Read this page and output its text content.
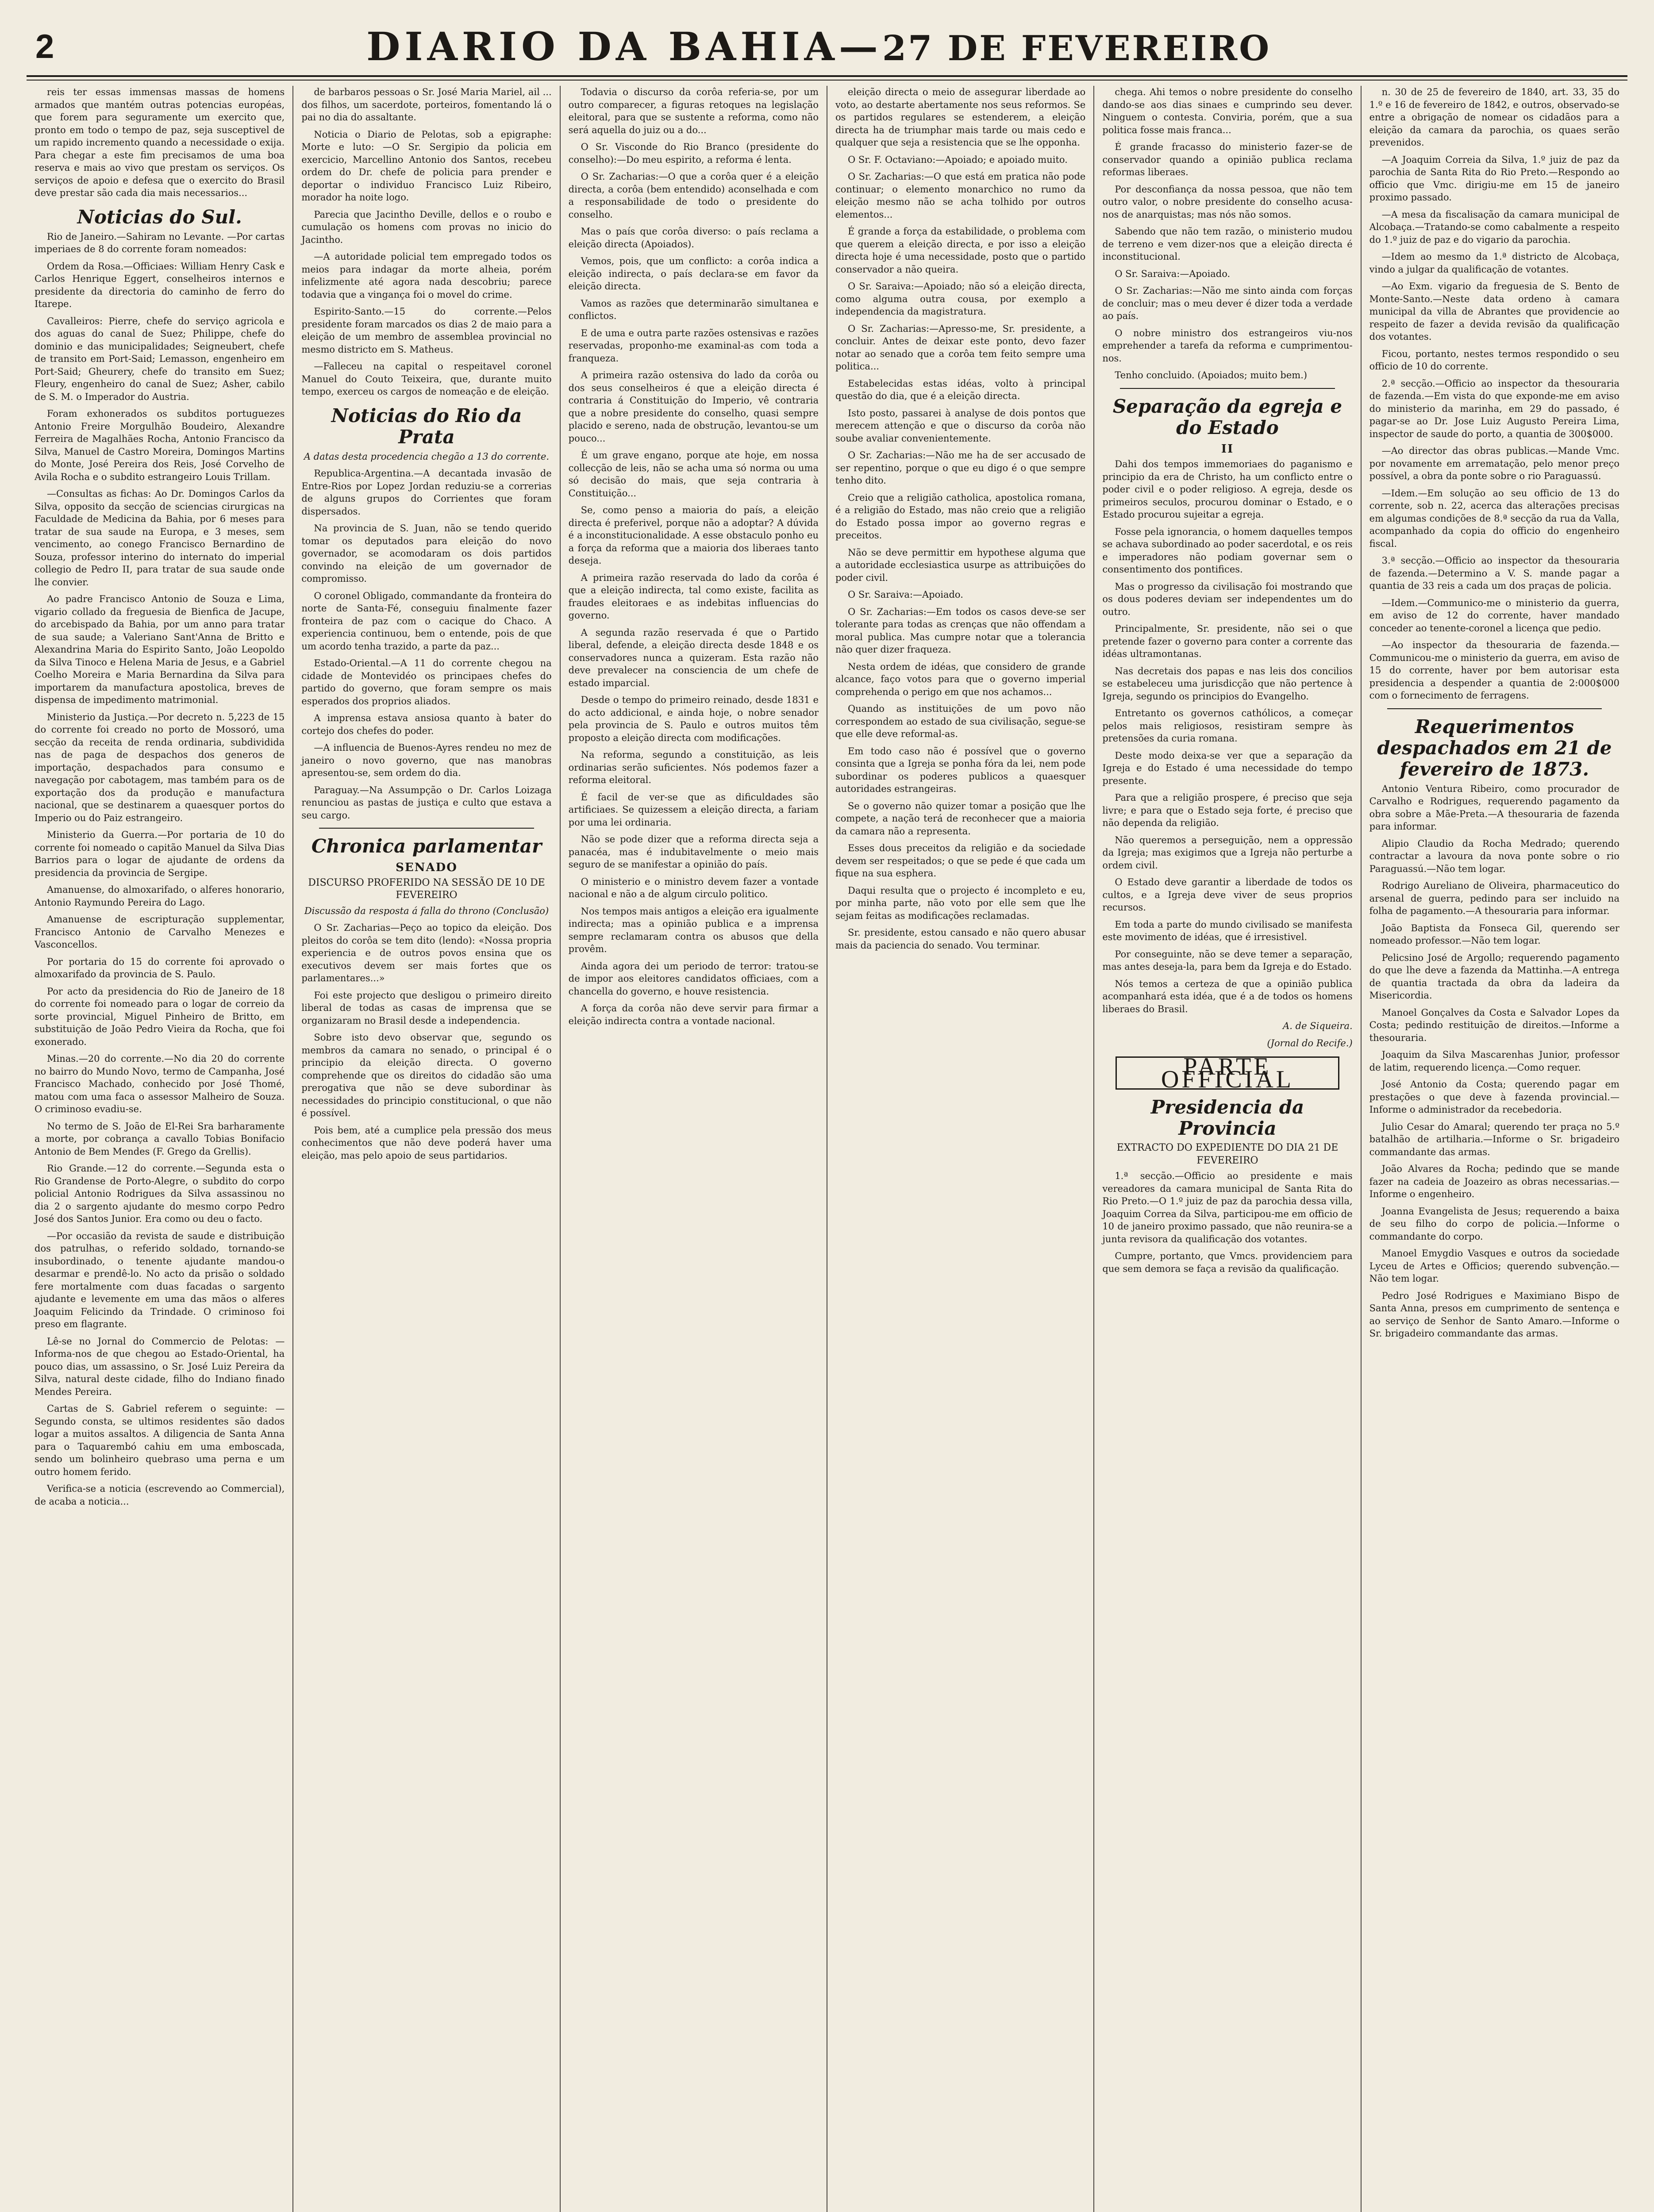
2	DIARIO DA BAHIA—27 DE FEVEREIRO

reis ter essas immensas massas de homens armados que mantém outras potencias européas, que forem para seguramente um exercito que, pronto em todo o tempo de paz, seja susceptivel de um rapido incremento quando a necessidade o exija. Para chegar a este fim precisamos de uma boa reserva e mais ao vivo que prestam os serviços. Os serviços de apoio e defesa que o exercito do Brasil deve prestar são cada dia mais necessarios...

Noticias do Sul.

Rio de Janeiro.—Sahiram no Levante. —Por cartas imperiaes de 8 do corrente foram nomeados:

Ordem da Rosa.—Officiaes: William Henry Cask e Carlos Henrique Eggert, conselheiros internos e presidente da directoria do caminho de ferro do Itarepe.

Cavalleiros: Pierre, chefe do serviço agricola e dos aguas do canal de Suez; Philippe, chefe do dominio e das municipalidades; Seigneubert, chefe de transito em Port-Said; Lemasson, engenheiro em Port-Said; Gheurery, chefe do transito em Suez; Fleury, engenheiro do canal de Suez; Asher, cabilo de S. M. o Imperador do Austria.

Foram exhonerados os subditos portuguezes Antonio Freire Morgulhão Boudeiro, Alexandre Ferreira de Magalhães Rocha, Antonio Francisco da Silva, Manuel de Castro Moreira, Domingos Martins do Monte, José Pereira dos Reis, José Corvelho de Avila Rocha e o subdito estrangeiro Louis Trillam.

—Consultas as fichas: Ao Dr. Domingos Carlos da Silva, opposito da secção de sciencias cirurgicas na Faculdade de Medicina da Bahia, por 6 meses para tratar de sua saude na Europa, e 3 meses, sem vencimento, ao conego Francisco Bernardino de Souza, professor interino do internato do imperial collegio de Pedro II, para tratar de sua saude onde lhe convier.

Ao padre Francisco Antonio de Souza e Lima, vigario collado da freguesia de Bienfica de Jacupe, do arcebispado da Bahia, por um anno para tratar de sua saude; a Valeriano Sant'Anna de Britto e Alexandrina Maria do Espirito Santo, João Leopoldo da Silva Tinoco e Helena Maria de Jesus, e a Gabriel Coelho Moreira e Maria Bernardina da Silva para importarem da manufactura apostolica, breves de dispensa de impedimento matrimonial.

Ministerio da Justiça.—Por decreto n. 5,223 de 15 do corrente foi creado no porto de Mossoró, uma secção da receita de renda ordinaria, subdividida nas de paga de despachos dos generos de importação, despachados para consumo e navegação por cabotagem, mas também para os de exportação dos da produção e manufactura nacional, que se destinarem a quaesquer portos do Imperio ou do Paiz estrangeiro.

Ministerio da Guerra.—Por portaria de 10 do corrente foi nomeado o capitão Manuel da Silva Dias Barrios para o logar de ajudante de ordens da presidencia da provincia de Sergipe.

Amanuense, do almoxarifado, o alferes honorario, Antonio Raymundo Pereira do Lago.

Amanuense de escripturação supplementar, Francisco Antonio de Carvalho Menezes e Vasconcellos.

Por portaria do 15 do corrente foi aprovado o almoxarifado da provincia de S. Paulo.

Por acto da presidencia do Rio de Janeiro de 18 do corrente foi nomeado para o logar de correio da sorte provincial, Miguel Pinheiro de Britto, em substituição de João Pedro Vieira da Rocha, que foi exonerado.

Minas.—20 do corrente.—No dia 20 do corrente no bairro do Mundo Novo, termo de Campanha, José Francisco Machado, conhecido por José Thomé, matou com uma faca o assessor Malheiro de Souza. O criminoso evadiu-se.

No termo de S. João de El-Rei Sra barharamente a morte, por cobrança a cavallo Tobias Bonifacio Antonio de Bem Mendes (F. Grego da Grellis).

Rio Grande.—12 do corrente.—Segunda esta o Rio Grandense de Porto-Alegre, o subdito do corpo policial Antonio Rodrigues da Silva assassinou no dia 2 o sargento ajudante do mesmo corpo Pedro José dos Santos Junior. Era como ou deu o facto.

—Por occasião da revista de saude e distribuição dos patrulhas, o referido soldado, tornando-se insubordinado, o tenente ajudante mandou-o desarmar e prendê-lo. No acto da prisão o soldado fere mortalmente com duas facadas o sargento ajudante e levemente em uma das mãos o alferes Joaquim Felicindo da Trindade. O criminoso foi preso em flagrante.

Lê-se no Jornal do Commercio de Pelotas: —Informa-nos de que chegou ao Estado-Oriental, ha pouco dias, um assassino, o Sr. José Luiz Pereira da Silva, natural deste cidade, filho do Indiano finado Mendes Pereira.

Cartas de S. Gabriel referem o seguinte: —Segundo consta, se ultimos residentes são dados logar a muitos assaltos. A diligencia de Santa Anna para o Taquarembó cahiu em uma emboscada, sendo um bolinheiro quebraso uma perna e um outro homem ferido.

Verifica-se a noticia (escrevendo ao Commercial), de acaba a noticia...

de barbaros pessoas o Sr. José Maria Mariel, ail ... dos filhos, um sacerdote, porteiros, fomentando lá o pai no dia do assaltante.

Noticia o Diario de Pelotas, sob a epigraphe: Morte e luto: —O Sr. Sergipio da policia em exercicio, Marcellino Antonio dos Santos, recebeu ordem do Dr. chefe de policia para prender e deportar o individuo Francisco Luiz Ribeiro, morador ha noite logo.

Parecia que Jacintho Deville, dellos e o roubo e cumulação os homens com provas no inicio do Jacintho.

—A autoridade policial tem empregado todos os meios para indagar da morte alheia, porém infelizmente até agora nada descobriu; parece todavia que a vingança foi o movel do crime.

Espirito-Santo.—15 do corrente.—Pelos presidente foram marcados os dias 2 de maio para a eleição de um membro de assemblea provincial no mesmo districto em S. Matheus.

—Falleceu na capital o respeitavel coronel Manuel do Couto Teixeira, que, durante muito tempo, exerceu os cargos de nomeação e de eleição.

Noticias do Rio da Prata

A datas desta procedencia chegão a 13 do corrente.

Republica-Argentina.—A decantada invasão de Entre-Rios por Lopez Jordan reduziu-se a correrias de alguns grupos do Corrientes que foram dispersados.

Na provincia de S. Juan, não se tendo querido tomar os deputados para eleição do novo governador, se acomodaram os dois partidos convindo na eleição de um governador de compromisso.

O coronel Obligado, commandante da fronteira do norte de Santa-Fé, conseguiu finalmente fazer fronteira de paz com o cacique do Chaco. A experiencia continuou, bem o entende, pois de que um acordo tenha trazido, a parte da paz...

Estado-Oriental.—A 11 do corrente chegou na cidade de Montevidéo os principaes chefes do partido do governo, que foram sempre os mais esperados dos proprios aliados.

A imprensa estava ansiosa quanto à bater do cortejo dos chefes do poder.

—A influencia de Buenos-Ayres rendeu no mez de janeiro o novo governo, que nas manobras apresentou-se, sem ordem do dia.

Paraguay.—Na Assumpção o Dr. Carlos Loizaga renunciou as pastas de justiça e culto que estava a seu cargo.

Chronica parlamentar
SENADO

DISCURSO PROFERIDO NA SESSÃO DE 10 DE FEVEREIRO

Discussão da resposta á falla do throno (Conclusão)

O Sr. Zacharias—Peço ao topico da eleição. Dos pleitos do corôa se tem dito (lendo): «Nossa propria experiencia e de outros povos ensina que os executivos devem ser mais fortes que os parlamentares...»

Foi este projecto que desligou o primeiro direito liberal de todas as casas de imprensa que se organizaram no Brasil desde a independencia.

Sobre isto devo observar que, segundo os membros da camara no senado, o principal é o principio da eleição directa. O governo comprehende que os direitos do cidadão são uma prerogativa que não se deve subordinar às necessidades do principio constitucional, o que não é possível.

Pois bem, até a cumplice pela pressão dos meus conhecimentos que não deve poderá haver uma eleição, mas pelo apoio de seus partidarios.

Todavia o discurso da corôa referia-se, por um outro comparecer, a figuras retoques na legislação eleitoral, para que se sustente a reforma, como não será aquella do juiz ou a do...

O Sr. Visconde do Rio Branco (presidente do conselho):—Do meu espirito, a reforma é lenta.

O Sr. Zacharias:—O que a corôa quer é a eleição directa, a corôa (bem entendido) aconselhada e com a responsabilidade de todo o presidente do conselho.

Mas o país que corôa diverso: o país reclama a eleição directa (Apoiados).

Vemos, pois, que um conflicto: a corôa indica a eleição indirecta, o país declara-se em favor da eleição directa.

Vamos as razões que determinarão simultanea e conflictos.

E de uma e outra parte razões ostensivas e razões reservadas, proponho-me examinal-as com toda a franqueza.

A primeira razão ostensiva do lado da corôa ou dos seus conselheiros é que a eleição directa é contraria á Constituição do Imperio, vê contraria que a nobre presidente do conselho, quasi sempre placido e sereno, nada de obstrução, levantou-se um pouco...

É um grave engano, porque ate hoje, em nossa collecção de leis, não se acha uma só norma ou uma só decisão do mais, que seja contraria à Constituição...

Se, como penso a maioria do país, a eleição directa é preferivel, porque não a adoptar? A dúvida é a inconstitucionalidade. A esse obstaculo ponho eu a força da reforma que a maioria dos liberaes tanto deseja.

A primeira razão reservada do lado da corôa é que a eleição indirecta, tal como existe, facilita as fraudes eleitoraes e as indebitas influencias do governo.

A segunda razão reservada é que o Partido liberal, defende, a eleição directa desde 1848 e os conservadores nunca a quizeram. Esta razão não deve prevalecer na consciencia de um chefe de estado imparcial.

Desde o tempo do primeiro reinado, desde 1831 e do acto addicional, e ainda hoje, o nobre senador pela provincia de S. Paulo e outros muitos têm proposto a eleição directa com modificações.

Na reforma, segundo a constituição, as leis ordinarias serão suficientes. Nós podemos fazer a reforma eleitoral.

É facil de ver-se que as dificuldades são artificiaes. Se quizessem a eleição directa, a fariam por uma lei ordinaria.

Não se pode dizer que a reforma directa seja a panacéa, mas é indubitavelmente o meio mais seguro de se manifestar a opinião do país.

O ministerio e o ministro devem fazer a vontade nacional e não a de algum circulo politico.

Nos tempos mais antigos a eleição era igualmente indirecta; mas a opinião publica e a imprensa sempre reclamaram contra os abusos que della provêm.

Ainda agora dei um periodo de terror: tratou-se de impor aos eleitores candidatos officiaes, com a chancella do governo, e houve resistencia.

A força da corôa não deve servir para firmar a eleição indirecta contra a vontade nacional.

eleição directa o meio de assegurar liberdade ao voto, ao destarte abertamente nos seus reformos. Se os partidos regulares se estenderem, a eleição directa ha de triumphar mais tarde ou mais cedo e qualquer que seja a resistencia que se lhe opponha.

O Sr. F. Octaviano:—Apoiado; e apoiado muito.

O Sr. Zacharias:—O que está em pratica não pode continuar; o elemento monarchico no rumo da eleição mesmo não se acha tolhido por outros elementos...

É grande a força da estabilidade, o problema com que querem a eleição directa, e por isso a eleição directa hoje é uma necessidade, posto que o partido conservador a não queira.

O Sr. Saraiva:—Apoiado; não só a eleição directa, como alguma outra cousa, por exemplo a independencia da magistratura.

O Sr. Zacharias:—Apresso-me, Sr. presidente, a concluir. Antes de deixar este ponto, devo fazer notar ao senado que a corôa tem feito sempre uma politica...

Estabelecidas estas idéas, volto à principal questão do dia, que é a eleição directa.

Isto posto, passarei à analyse de dois pontos que merecem attenção e que o discurso da corôa não soube avaliar convenientemente.

O Sr. Zacharias:—Não me ha de ser accusado de ser repentino, porque o que eu digo é o que sempre tenho dito.

Creio que a religião catholica, apostolica romana, é a religião do Estado, mas não creio que a religião do Estado possa impor ao governo regras e preceitos.

Não se deve permittir em hypothese alguma que a autoridade ecclesiastica usurpe as attribuições do poder civil.

O Sr. Saraiva:—Apoiado.

O Sr. Zacharias:—Em todos os casos deve-se ser tolerante para todas as crenças que não offendam a moral publica. Mas cumpre notar que a tolerancia não quer dizer fraqueza.

Nesta ordem de idéas, que considero de grande alcance, faço votos para que o governo imperial comprehenda o perigo em que nos achamos...

Quando as instituições de um povo não correspondem ao estado de sua civilisação, segue-se que elle deve reformal-as.

Em todo caso não é possível que o governo consinta que a Igreja se ponha fóra da lei, nem pode subordinar os poderes publicos a quaesquer autoridades estrangeiras.

Se o governo não quizer tomar a posição que lhe compete, a nação terá de reconhecer que a maioria da camara não a representa.

Esses dous preceitos da religião e da sociedade devem ser respeitados; o que se pede é que cada um fique na sua esphera.

Daqui resulta que o projecto é incompleto e eu, por minha parte, não voto por elle sem que lhe sejam feitas as modificações reclamadas.

Sr. presidente, estou cansado e não quero abusar mais da paciencia do senado. Vou terminar.

chega. Ahi temos o nobre presidente do conselho dando-se aos dias sinaes e cumprindo seu dever. Ninguem o contesta. Conviria, porém, que a sua politica fosse mais franca...

É grande fracasso do ministerio fazer-se de conservador quando a opinião publica reclama reformas liberaes.

Por desconfiança da nossa pessoa, que não tem outro valor, o nobre presidente do conselho acusa-nos de anarquistas; mas nós não somos.

Sabendo que não tem razão, o ministerio mudou de terreno e vem dizer-nos que a eleição directa é inconstitucional.

O Sr. Saraiva:—Apoiado.

O Sr. Zacharias:—Não me sinto ainda com forças de concluir; mas o meu dever é dizer toda a verdade ao país.

O nobre ministro dos estrangeiros viu-nos emprehender a tarefa da reforma e cumprimentou-nos.

Tenho concluido. (Apoiados; muito bem.)

Separação da egreja e do Estado
II

Dahi dos tempos immemoriaes do paganismo e principio da era de Christo, ha um conflicto entre o poder civil e o poder religioso. A egreja, desde os primeiros seculos, procurou dominar o Estado, e o Estado procurou sujeitar a egreja.

Fosse pela ignorancia, o homem daquelles tempos se achava subordinado ao poder sacerdotal, e os reis e imperadores não podiam governar sem o consentimento dos pontifices.

Mas o progresso da civilisação foi mostrando que os dous poderes deviam ser independentes um do outro.

Principalmente, Sr. presidente, não sei o que pretende fazer o governo para conter a corrente das idéas ultramontanas.

Nas decretais dos papas e nas leis dos concilios se estabeleceu uma jurisdicção que não pertence à Igreja, segundo os principios do Evangelho.

Entretanto os governos cathólicos, a começar pelos mais religiosos, resistiram sempre às pretensões da curia romana.

Deste modo deixa-se ver que a separação da Igreja e do Estado é uma necessidade do tempo presente.

Para que a religião prospere, é preciso que seja livre; e para que o Estado seja forte, é preciso que não dependa da religião.

Não queremos a perseguição, nem a oppressão da Igreja; mas exigimos que a Igreja não perturbe a ordem civil.

O Estado deve garantir a liberdade de todos os cultos, e a Igreja deve viver de seus proprios recursos.

Em toda a parte do mundo civilisado se manifesta este movimento de idéas, que é irresistivel.

Por conseguinte, não se deve temer a separação, mas antes deseja-la, para bem da Igreja e do Estado.

Nós temos a certeza de que a opinião publica acompanhará esta idéa, que é a de todos os homens liberaes do Brasil.

A. de Siqueira.

(Jornal do Recife.)

PARTE OFFICIAL
Presidencia da Provincia

EXTRACTO DO EXPEDIENTE DO DIA 21 DE FEVEREIRO

1.ª secção.—Officio ao presidente e mais vereadores da camara municipal de Santa Rita do Rio Preto.—O 1.º juiz de paz da parochia dessa villa, Joaquim Correa da Silva, participou-me em officio de 10 de janeiro proximo passado, que não reunira-se a junta revisora da qualificação dos votantes.

Cumpre, portanto, que Vmcs. providenciem para que sem demora se faça a revisão da qualificação.

n. 30 de 25 de fevereiro de 1840, art. 33, 35 do 1.º e 16 de fevereiro de 1842, e outros, observado-se entre a obrigação de nomear os cidadãos para a eleição da camara da parochia, os quaes serão prevenidos.

—A Joaquim Correia da Silva, 1.º juiz de paz da parochia de Santa Rita do Rio Preto.—Respondo ao officio que Vmc. dirigiu-me em 15 de janeiro proximo passado.

—A mesa da fiscalisação da camara municipal de Alcobaça.—Tratando-se como cabalmente a respeito do 1.º juiz de paz e do vigario da parochia.

—Idem ao mesmo da 1.ª districto de Alcobaça, vindo a julgar da qualificação de votantes.

—Ao Exm. vigario da freguesia de S. Bento de Monte-Santo.—Neste data ordeno à camara municipal da villa de Abrantes que providencie ao respeito de fazer a devida revisão da qualificação dos votantes.

Ficou, portanto, nestes termos respondido o seu officio de 10 do corrente.

2.ª secção.—Officio ao inspector da thesouraria de fazenda.—Em vista do que exponde-me em aviso do ministerio da marinha, em 29 do passado, é pagar-se ao Dr. Jose Luiz Augusto Pereira Lima, inspector de saude do porto, a quantia de 300$000.

—Ao director das obras publicas.—Mande Vmc. por novamente em arrematação, pelo menor preço possível, a obra da ponte sobre o rio Paraguassú.

—Idem.—Em solução ao seu officio de 13 do corrente, sob n. 22, acerca das alterações precisas em algumas condições de 8.ª secção da rua da Valla, acompanhado da copia do officio do engenheiro fiscal.

3.ª secção.—Officio ao inspector da thesouraria de fazenda.—Determino a V. S. mande pagar a quantia de 33 reis a cada um dos praças de policia.

—Idem.—Communico-me o ministerio da guerra, em aviso de 12 do corrente, haver mandado conceder ao tenente-coronel a licença que pedio.

—Ao inspector da thesouraria de fazenda.—Communicou-me o ministerio da guerra, em aviso de 15 do corrente, haver por bem autorisar esta presidencia a despender a quantia de 2:000$000 com o fornecimento de ferragens.

Requerimentos despachados em 21 de fevereiro de 1873.

Antonio Ventura Ribeiro, como procurador de Carvalho e Rodrigues, requerendo pagamento da obra sobre a Mãe-Preta.—A thesouraria de fazenda para informar.

Alipio Claudio da Rocha Medrado; querendo contractar a lavoura da nova ponte sobre o rio Paraguassú.—Não tem logar.

Rodrigo Aureliano de Oliveira, pharmaceutico do arsenal de guerra, pedindo para ser incluido na folha de pagamento.—A thesouraria para informar.

João Baptista da Fonseca Gil, querendo ser nomeado professor.—Não tem logar.

Pelicsino José de Argollo; requerendo pagamento do que lhe deve a fazenda da Mattinha.—A entrega de quantia tractada da obra da ladeira da Misericordia.

Manoel Gonçalves da Costa e Salvador Lopes da Costa; pedindo restituição de direitos.—Informe a thesouraria.

Joaquim da Silva Mascarenhas Junior, professor de latim, requerendo licença.—Como requer.

José Antonio da Costa; querendo pagar em prestações o que deve à fazenda provincial.—Informe o administrador da recebedoria.

Julio Cesar do Amaral; querendo ter praça no 5.º batalhão de artilharia.—Informe o Sr. brigadeiro commandante das armas.

João Alvares da Rocha; pedindo que se mande fazer na cadeia de Joazeiro as obras necessarias.—Informe o engenheiro.

Joanna Evangelista de Jesus; requerendo a baixa de seu filho do corpo de policia.—Informe o commandante do corpo.

Manoel Emygdio Vasques e outros da sociedade Lyceu de Artes e Officios; querendo subvenção.—Não tem logar.

Pedro José Rodrigues e Maximiano Bispo de Santa Anna, presos em cumprimento de sentença e ao serviço de Senhor de Santo Amaro.—Informe o Sr. brigadeiro commandante das armas.
